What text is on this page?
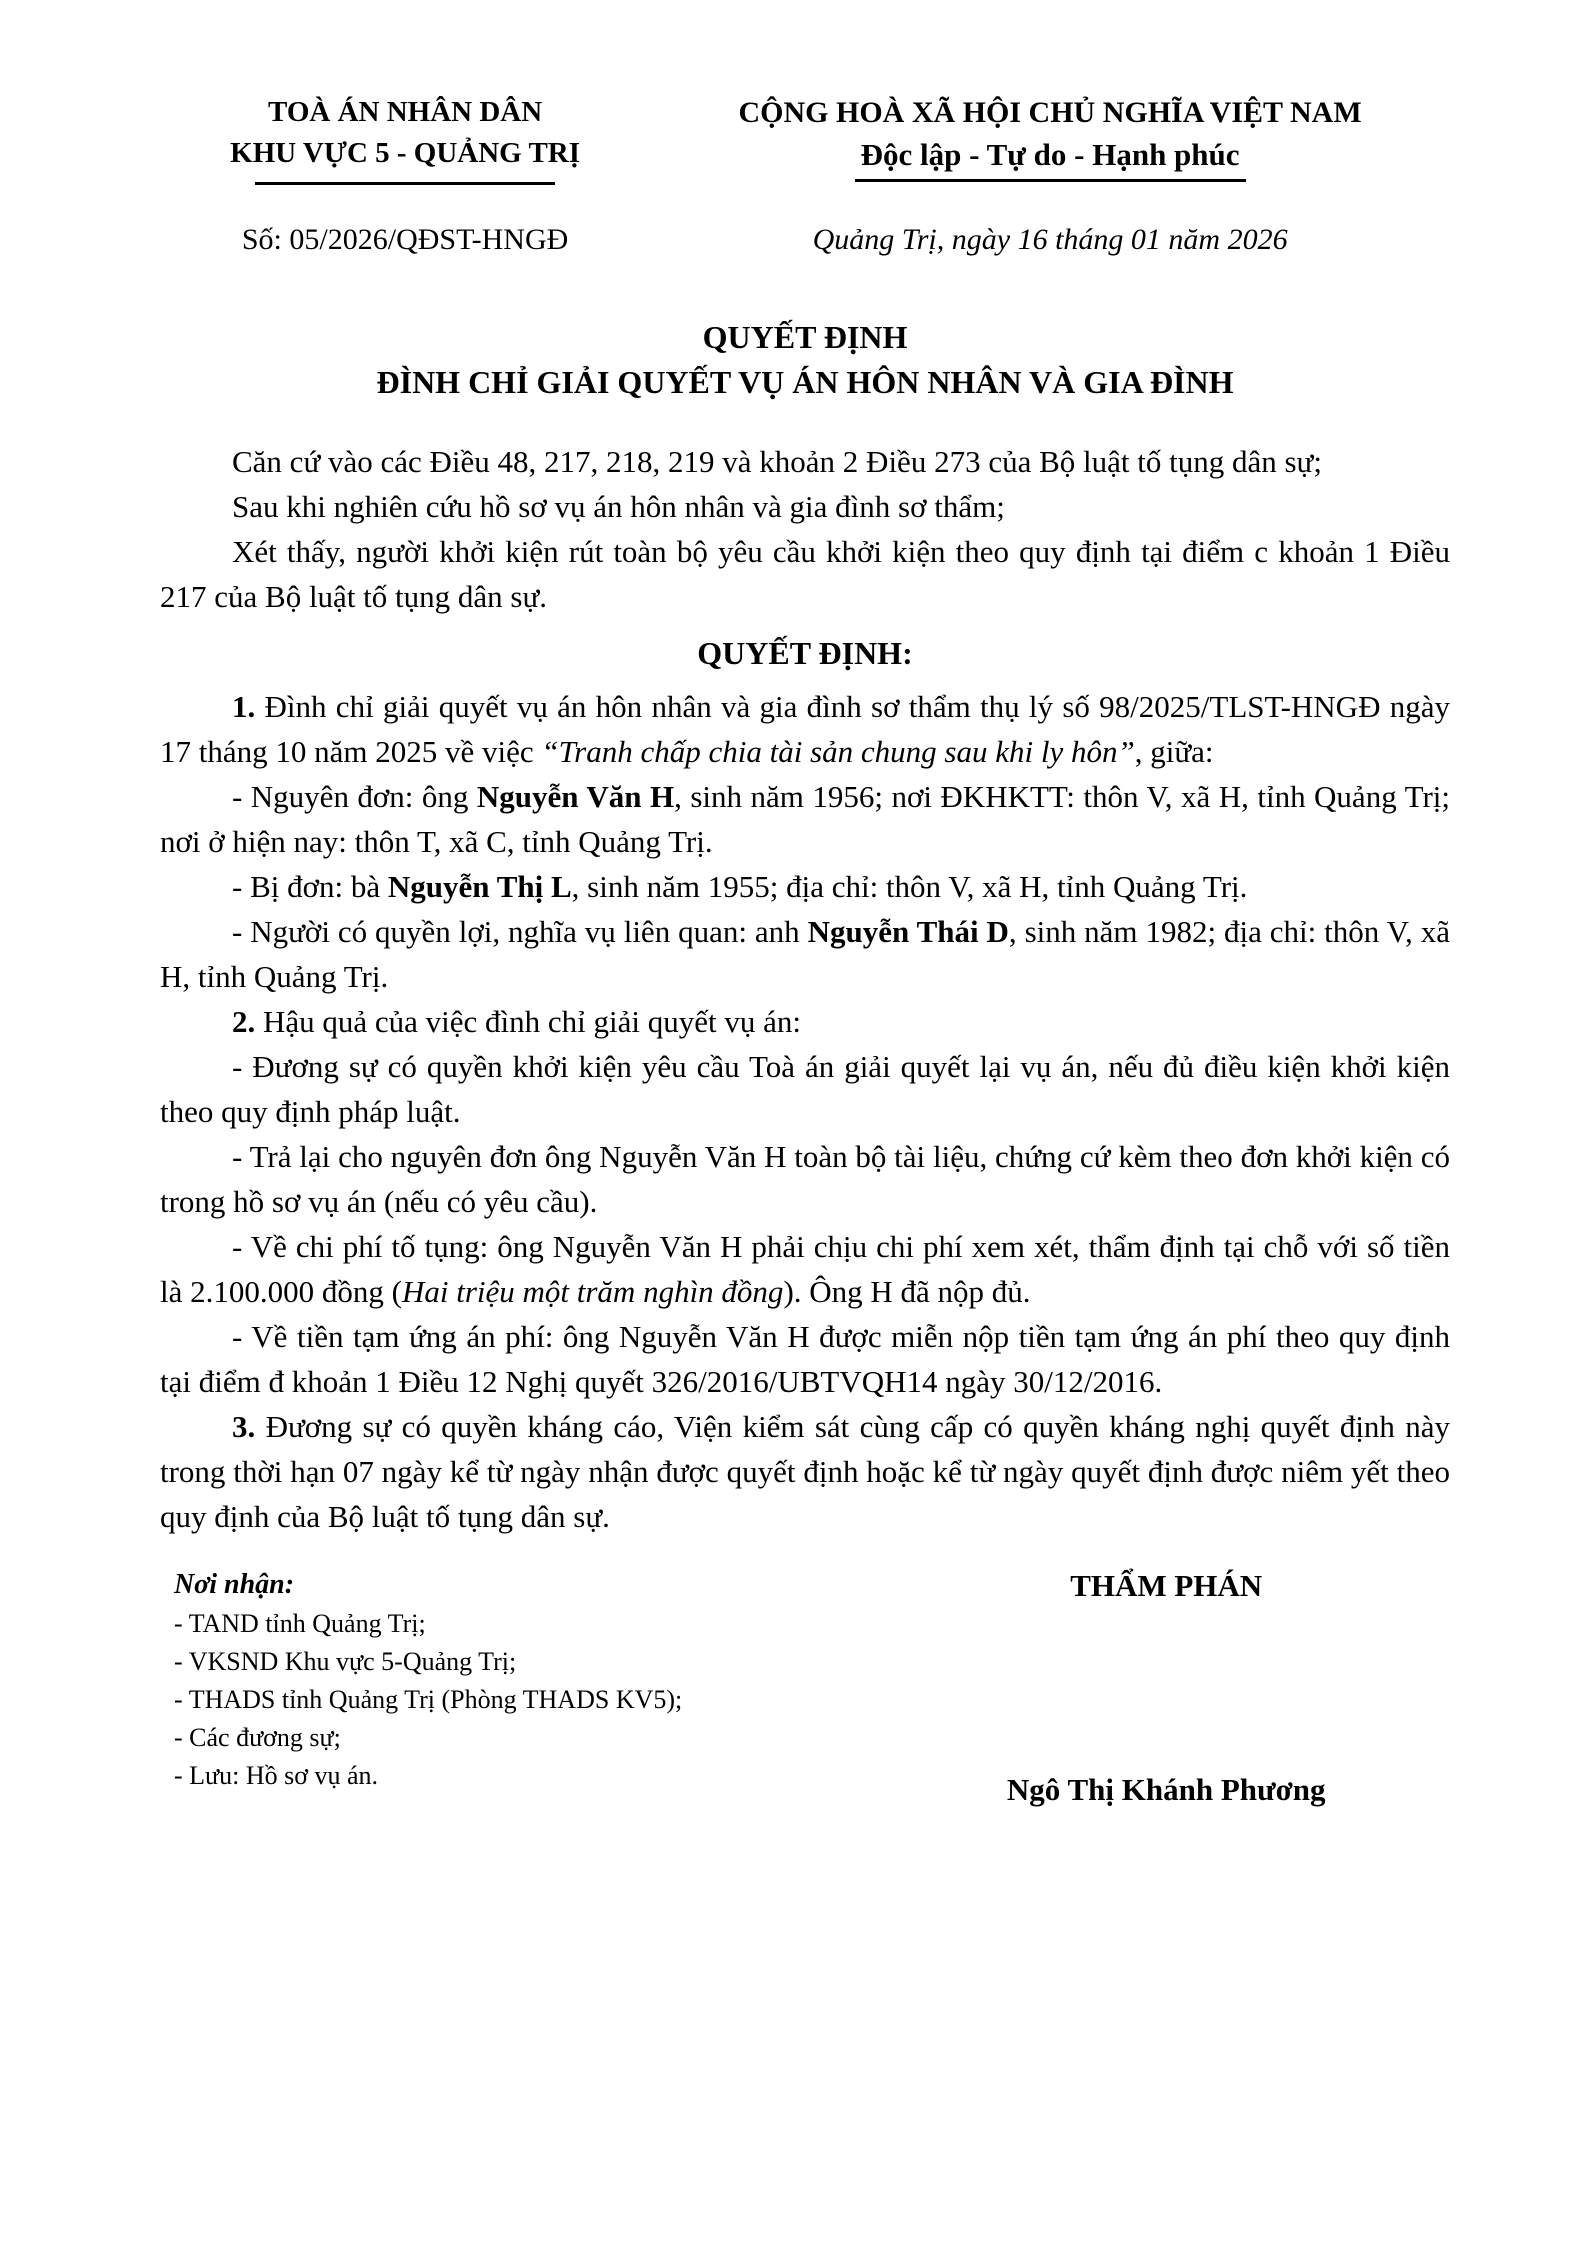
TOÀ ÁN NHÂN DÂN
KHU VỰC 5 - QUẢNG TRỊ
CỘNG HOÀ XÃ HỘI CHỦ NGHĨA VIỆT NAM
Độc lập - Tự do - Hạnh phúc
Số: 05/2026/QĐST-HNGĐ	Quảng Trị, ngày 16 tháng 01 năm 2026
QUYẾT ĐỊNH
ĐÌNH CHỈ GIẢI QUYẾT VỤ ÁN HÔN NHÂN VÀ GIA ĐÌNH

Căn cứ vào các Điều 48, 217, 218, 219 và khoản 2 Điều 273 của Bộ luật tố tụng dân sự;

Sau khi nghiên cứu hồ sơ vụ án hôn nhân và gia đình sơ thẩm;

Xét thấy, người khởi kiện rút toàn bộ yêu cầu khởi kiện theo quy định tại điểm c khoản 1 Điều 217 của Bộ luật tố tụng dân sự.

QUYẾT ĐỊNH:

1. Đình chỉ giải quyết vụ án hôn nhân và gia đình sơ thẩm thụ lý số 98/2025/TLST-HNGĐ ngày 17 tháng 10 năm 2025 về việc “Tranh chấp chia tài sản chung sau khi ly hôn”, giữa:

- Nguyên đơn: ông Nguyễn Văn H, sinh năm 1956; nơi ĐKHKTT: thôn V, xã H, tỉnh Quảng Trị; nơi ở hiện nay: thôn T, xã C, tỉnh Quảng Trị.

- Bị đơn: bà Nguyễn Thị L, sinh năm 1955; địa chỉ: thôn V, xã H, tỉnh Quảng Trị.

- Người có quyền lợi, nghĩa vụ liên quan: anh Nguyễn Thái D, sinh năm 1982; địa chỉ: thôn V, xã H, tỉnh Quảng Trị.

2. Hậu quả của việc đình chỉ giải quyết vụ án:

- Đương sự có quyền khởi kiện yêu cầu Toà án giải quyết lại vụ án, nếu đủ điều kiện khởi kiện theo quy định pháp luật.

- Trả lại cho nguyên đơn ông Nguyễn Văn H toàn bộ tài liệu, chứng cứ kèm theo đơn khởi kiện có trong hồ sơ vụ án (nếu có yêu cầu).

- Về chi phí tố tụng: ông Nguyễn Văn H phải chịu chi phí xem xét, thẩm định tại chỗ với số tiền là 2.100.000 đồng (Hai triệu một trăm nghìn đồng). Ông H đã nộp đủ.

- Về tiền tạm ứng án phí: ông Nguyễn Văn H được miễn nộp tiền tạm ứng án phí theo quy định tại điểm đ khoản 1 Điều 12 Nghị quyết 326/2016/UBTVQH14 ngày 30/12/2016.

3. Đương sự có quyền kháng cáo, Viện kiểm sát cùng cấp có quyền kháng nghị quyết định này trong thời hạn 07 ngày kể từ ngày nhận được quyết định hoặc kể từ ngày quyết định được niêm yết theo quy định của Bộ luật tố tụng dân sự.

Nơi nhận:
- TAND tỉnh Quảng Trị;
- VKSND Khu vực 5-Quảng Trị;
- THADS tỉnh Quảng Trị (Phòng THADS KV5);
- Các đương sự;
- Lưu: Hồ sơ vụ án.
THẨM PHÁN
Ngô Thị Khánh Phương
